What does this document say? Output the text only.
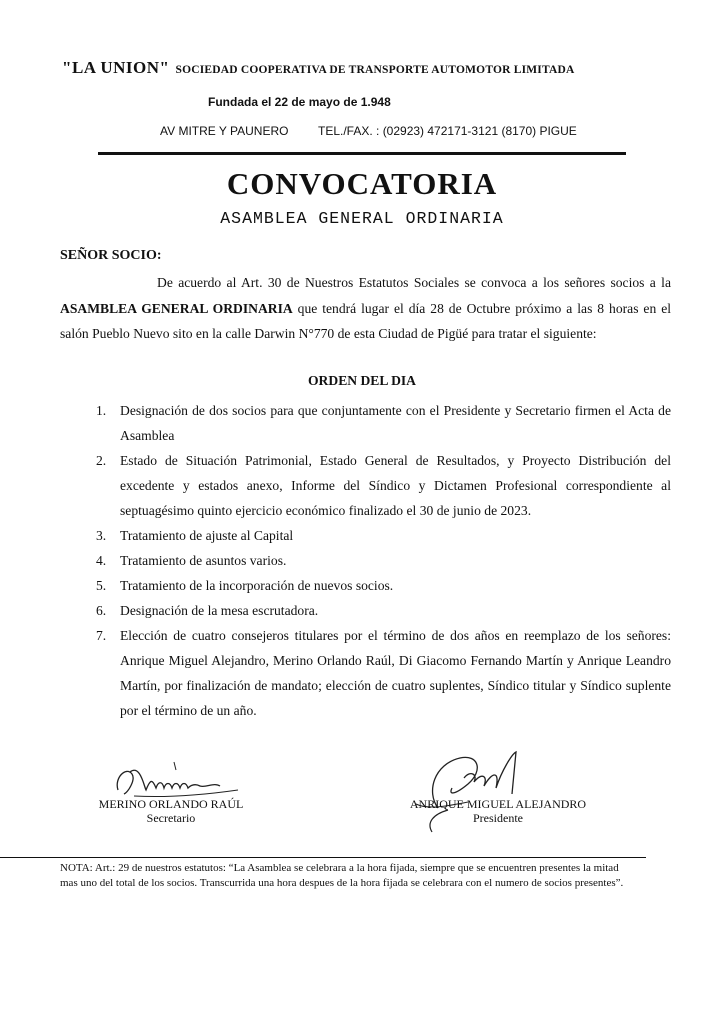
"LA UNION" SOCIEDAD COOPERATIVA DE TRANSPORTE AUTOMOTOR LIMITADA
Fundada el 22 de mayo de 1.948
AV MITRE Y PAUNERO TEL./FAX. : (02923) 472171-3121 (8170) PIGUE
CONVOCATORIA
ASAMBLEA GENERAL ORDINARIA
SEÑOR SOCIO:
De acuerdo al Art. 30 de Nuestros Estatutos Sociales se convoca a los señores socios a la ASAMBLEA GENERAL ORDINARIA que tendrá lugar el día 28 de Octubre próximo a las 8 horas en el salón Pueblo Nuevo sito en la calle Darwin N°770 de esta Ciudad de Pigüé para tratar el siguiente:
ORDEN DEL DIA
1. Designación de dos socios para que conjuntamente con el Presidente y Secretario firmen el Acta de Asamblea
2. Estado de Situación Patrimonial, Estado General de Resultados, y Proyecto Distribución del excedente y estados anexo, Informe del Síndico y Dictamen Profesional correspondiente al septuagésimo quinto ejercicio económico finalizado el 30 de junio de 2023.
3. Tratamiento de ajuste al Capital
4. Tratamiento de asuntos varios.
5. Tratamiento de la incorporación de nuevos socios.
6. Designación de la mesa escrutadora.
7. Elección de cuatro consejeros titulares por el término de dos años en reemplazo de los señores: Anrique Miguel Alejandro, Merino Orlando Raúl, Di Giacomo Fernando Martín y Anrique Leandro Martín, por finalización de mandato; elección de cuatro suplentes, Síndico titular y Síndico suplente por el término de un año.
MERINO ORLANDO RAÚL
Secretario
ANRIQUE MIGUEL ALEJANDRO
Presidente
NOTA: Art.: 29 de nuestros estatutos: “La Asamblea se celebrara a la hora fijada, siempre que se encuentren presentes la mitad mas uno del total de los socios. Transcurrida una hora despues de la hora fijada se celebrara con el numero de socios presentes”.
